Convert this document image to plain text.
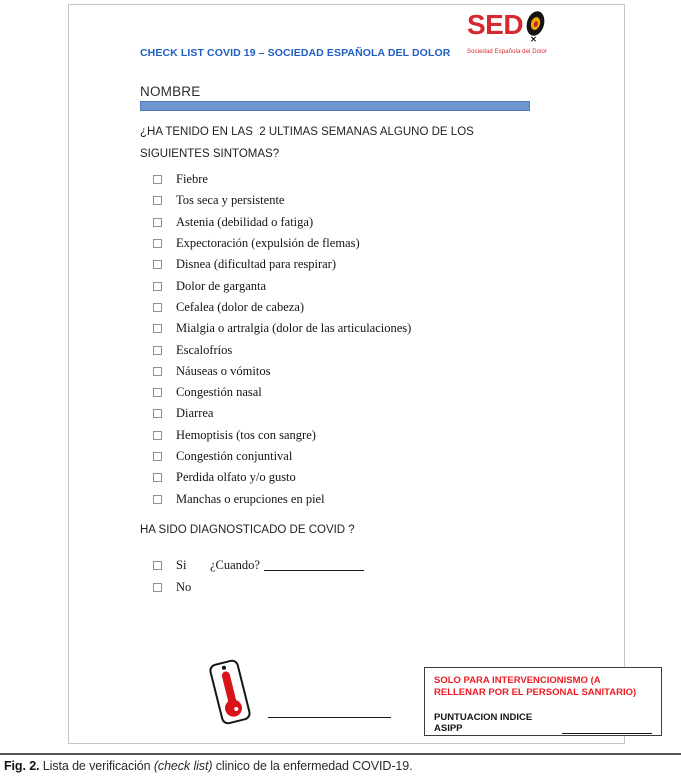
CHECK LIST COVID 19 – SOCIEDAD ESPAÑOLA DEL DOLOR
SED ✕
Sociedad Española del Dolor
NOMBRE
¿HA TENIDO EN LAS  2 ULTIMAS SEMANAS ALGUNO DE LOS SIGUIENTES SINTOMAS?
Fiebre
Tos seca y persistente
Astenia (debilidad o fatiga)
Expectoración (expulsión de flemas)
Disnea (dificultad para respirar)
Dolor de garganta
Cefalea (dolor de cabeza)
Mialgia o artralgia (dolor de las articulaciones)
Escalofríos
Náuseas o vómitos
Congestión nasal
Diarrea
Hemoptisis (tos con sangre)
Congestión conjuntival
Perdida olfato y/o gusto
Manchas o erupciones en piel
HA SIDO DIAGNOSTICADO DE COVID ?
Si	¿Cuando?
No
SOLO PARA INTERVENCIONISMO (A RELLENAR POR EL PERSONAL SANITARIO)
PUNTUACION INDICE ASIPP
Fig. 2. Lista de verificación (check list) clinico de la enfermedad COVID-19.
